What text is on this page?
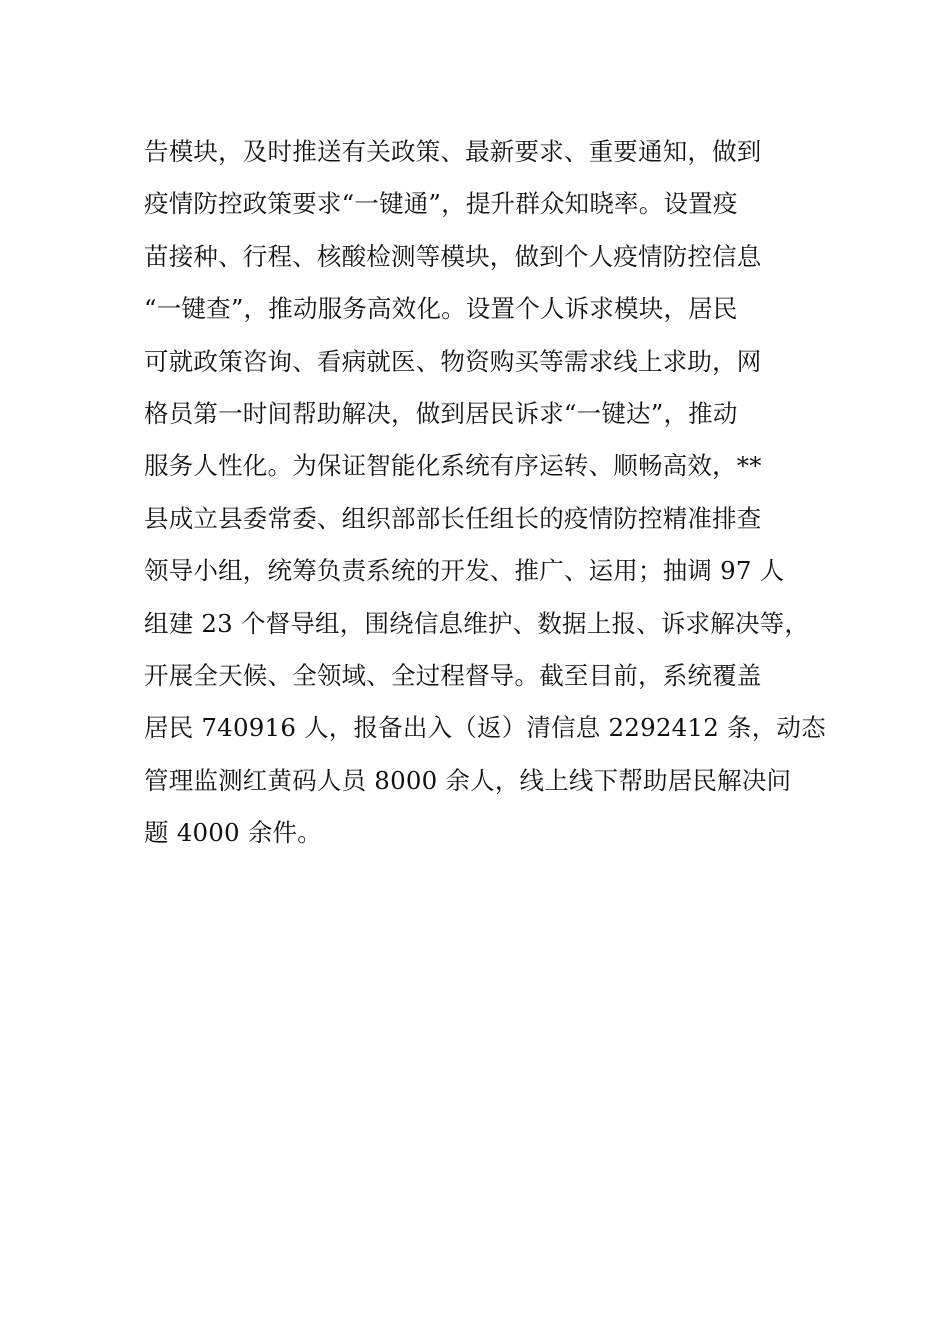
告模块，及时推送有关政策、最新要求、重要通知，做到
疫情防控政策要求“一键通”，提升群众知晓率。设置疫
苗接种、行程、核酸检测等模块，做到个人疫情防控信息
“一键查”，推动服务高效化。设置个人诉求模块，居民
可就政策咨询、看病就医、物资购买等需求线上求助，网
格员第一时间帮助解决，做到居民诉求“一键达”，推动
服务人性化。为保证智能化系统有序运转、顺畅高效，**
县成立县委常委、组织部部长任组长的疫情防控精准排查
领导小组，统筹负责系统的开发、推广、运用；抽调 97 人
组建 23 个督导组，围绕信息维护、数据上报、诉求解决等，
开展全天候、全领域、全过程督导。截至目前，系统覆盖
居民 740916 人，报备出入（返）清信息 2292412 条，动态
管理监测红黄码人员 8000 余人，线上线下帮助居民解决问
题 4000 余件。
